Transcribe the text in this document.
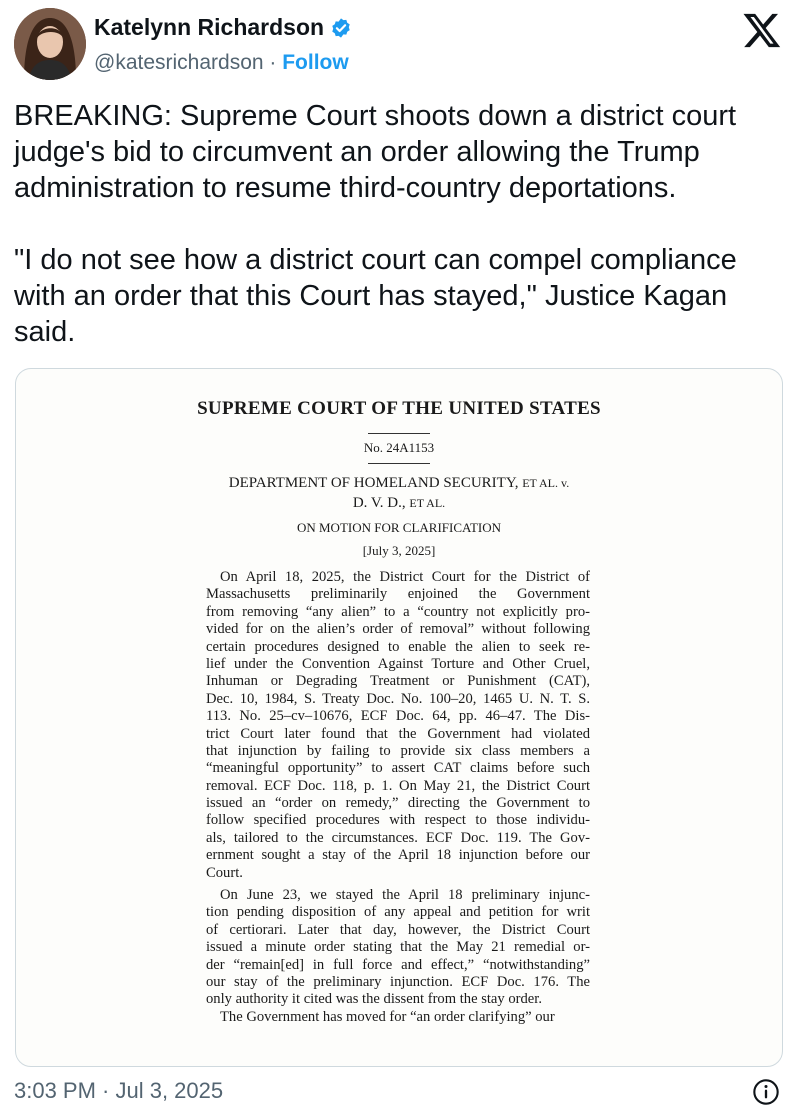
Katelynn Richardson
@katesrichardson · Follow
BREAKING: Supreme Court shoots down a district court judge's bid to circumvent an order allowing the Trump administration to resume third-country deportations.

"I do not see how a district court can compel compliance with an order that this Court has stayed," Justice Kagan said.
SUPREME COURT OF THE UNITED STATES
No. 24A1153
DEPARTMENT OF HOMELAND SECURITY, ET AL. v.
D. V. D., ET AL.
ON MOTION FOR CLARIFICATION
[July 3, 2025]
On April 18, 2025, the District Court for the District of
Massachusetts preliminarily enjoined the Government
from removing “any alien” to a “country not explicitly pro-
vided for on the alien’s order of removal” without following
certain procedures designed to enable the alien to seek re-
lief under the Convention Against Torture and Other Cruel,
Inhuman or Degrading Treatment or Punishment (CAT),
Dec. 10, 1984, S. Treaty Doc. No. 100–20, 1465 U. N. T. S.
113. No. 25–cv–10676, ECF Doc. 64, pp. 46–47. The Dis-
trict Court later found that the Government had violated
that injunction by failing to provide six class members a
“meaningful opportunity” to assert CAT claims before such
removal. ECF Doc. 118, p. 1. On May 21, the District Court
issued an “order on remedy,” directing the Government to
follow specified procedures with respect to those individu-
als, tailored to the circumstances. ECF Doc. 119. The Gov-
ernment sought a stay of the April 18 injunction before our
Court.
On June 23, we stayed the April 18 preliminary injunc-
tion pending disposition of any appeal and petition for writ
of certiorari. Later that day, however, the District Court
issued a minute order stating that the May 21 remedial or-
der “remain[ed] in full force and effect,” “notwithstanding”
our stay of the preliminary injunction. ECF Doc. 176. The
only authority it cited was the dissent from the stay order.
The Government has moved for “an order clarifying” our
3:03 PM · Jul 3, 2025
